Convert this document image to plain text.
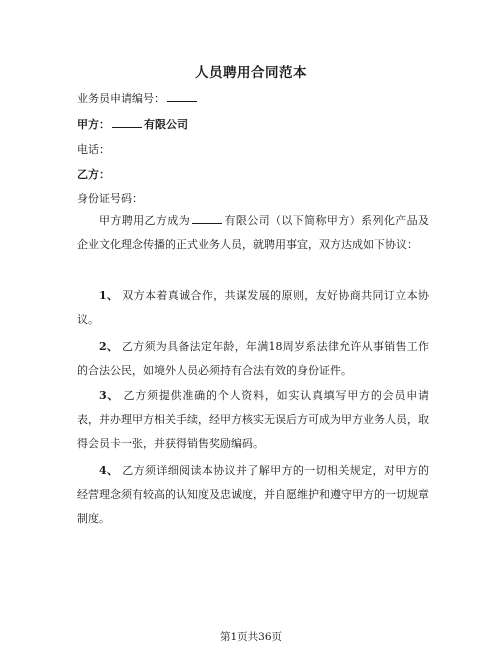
人员聘用合同范本
业务员申请编号：
甲方：	有限公司
电话：
乙方：
身份证号码：
甲方聘用乙方成为	有限公司（以下简称甲方）系列化产品及企业文化理念传播的正式业务人员，就聘用事宜，双方达成如下协议：
1、 双方本着真诚合作，共谋发展的原则，友好协商共同订立本协议。
2、 乙方须为具备法定年龄，年满18周岁系法律允许从事销售工作的合法公民，如境外人员必须持有合法有效的身份证件。
3、 乙方须提供准确的个人资料，如实认真填写甲方的会员申请表，并办理甲方相关手续，经甲方核实无误后方可成为甲方业务人员，取得会员卡一张，并获得销售奖励编码。
4、 乙方须详细阅读本协议并了解甲方的一切相关规定，对甲方的经营理念须有较高的认知度及忠诚度，并自愿维护和遵守甲方的一切规章制度。
第1页共36页
